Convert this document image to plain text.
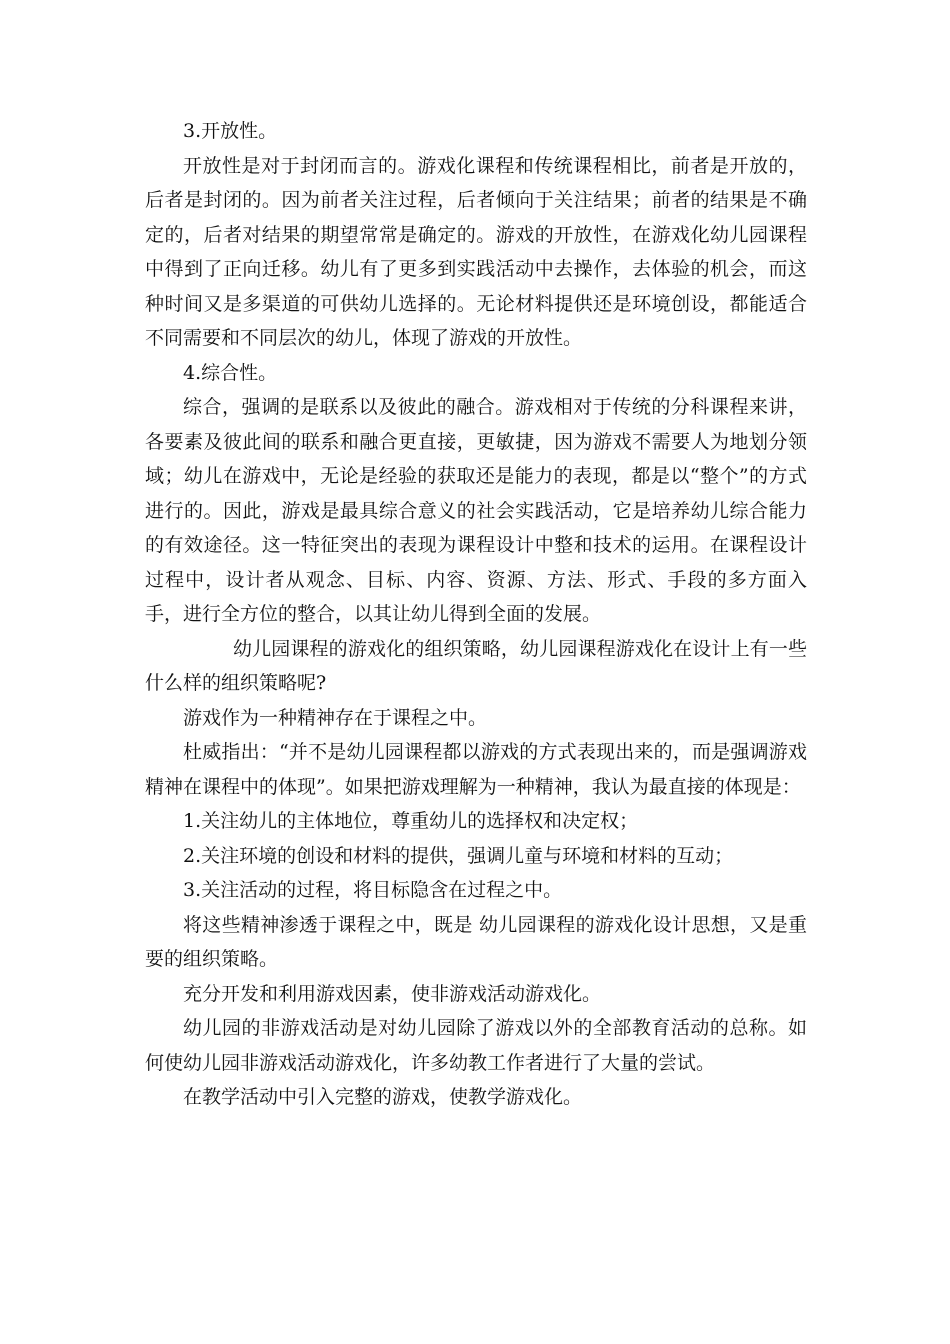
3.开放性。

开放性是对于封闭而言的。游戏化课程和传统课程相比，前者是开放的，后者是封闭的。因为前者关注过程，后者倾向于关注结果；前者的结果是不确定的，后者对结果的期望常常是确定的。游戏的开放性，在游戏化幼儿园课程中得到了正向迁移。幼儿有了更多到实践活动中去操作，去体验的机会，而这种时间又是多渠道的可供幼儿选择的。无论材料提供还是环境创设，都能适合不同需要和不同层次的幼儿，体现了游戏的开放性。

4.综合性。

综合，强调的是联系以及彼此的融合。游戏相对于传统的分科课程来讲，各要素及彼此间的联系和融合更直接，更敏捷，因为游戏不需要人为地划分领域；幼儿在游戏中，无论是经验的获取还是能力的表现，都是以“整个”的方式进行的。因此，游戏是最具综合意义的社会实践活动，它是培养幼儿综合能力的有效途径。这一特征突出的表现为课程设计中整和技术的运用。在课程设计过程中，设计者从观念、目标、内容、资源、方法、形式、手段的多方面入手，进行全方位的整合，以其让幼儿得到全面的发展。

幼儿园课程的游戏化的组织策略，幼儿园课程游戏化在设计上有一些什么样的组织策略呢?

游戏作为一种精神存在于课程之中。

杜威指出：“并不是幼儿园课程都以游戏的方式表现出来的，而是强调游戏精神在课程中的体现”。如果把游戏理解为一种精神，我认为最直接的体现是：

1.关注幼儿的主体地位，尊重幼儿的选择权和决定权；

2.关注环境的创设和材料的提供，强调儿童与环境和材料的互动；

3.关注活动的过程，将目标隐含在过程之中。

将这些精神渗透于课程之中，既是 幼儿园课程的游戏化设计思想，又是重要的组织策略。

充分开发和利用游戏因素，使非游戏活动游戏化。

幼儿园的非游戏活动是对幼儿园除了游戏以外的全部教育活动的总称。如何使幼儿园非游戏活动游戏化，许多幼教工作者进行了大量的尝试。

在教学活动中引入完整的游戏，使教学游戏化。
